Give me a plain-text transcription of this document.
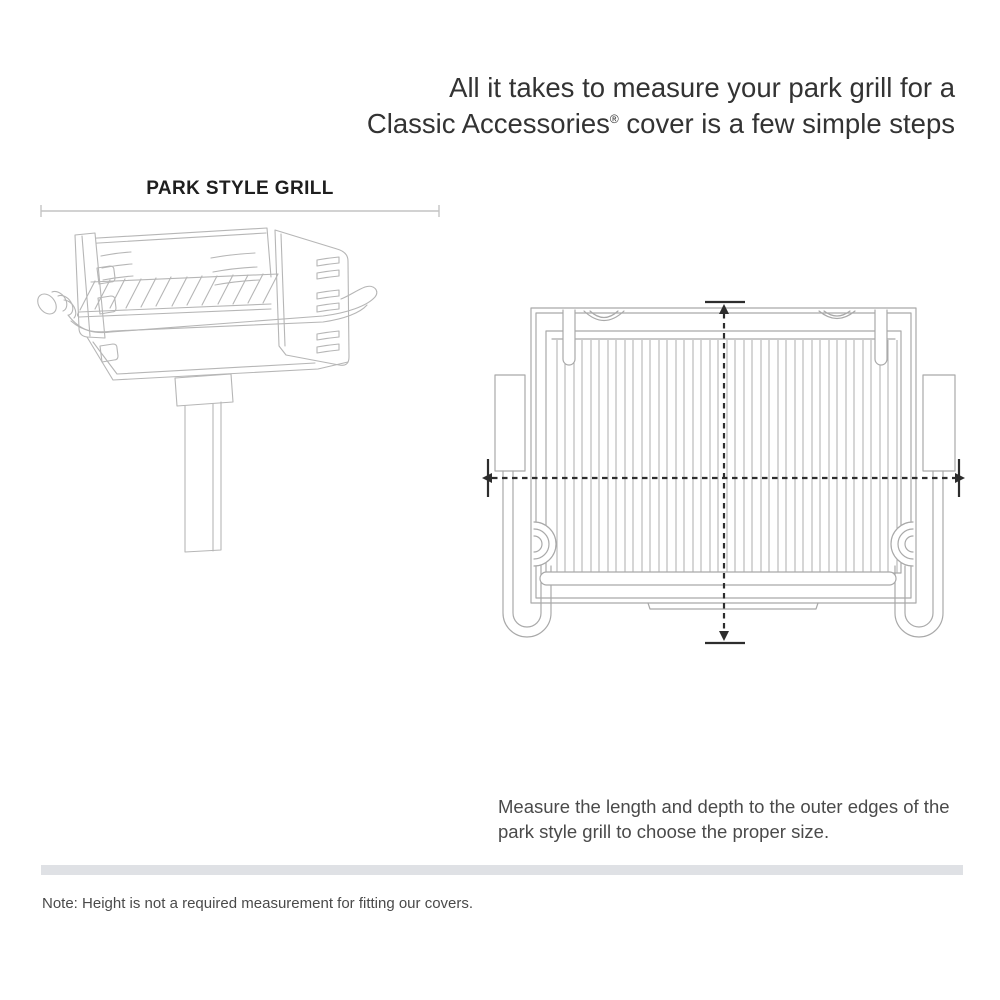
All it takes to measure your park grill for a
Classic Accessories® cover is a few simple steps
PARK STYLE GRILL
Measure the length and depth to the outer edges of the
park style grill to choose the proper size.
Note: Height is not a required measurement for fitting our covers.
